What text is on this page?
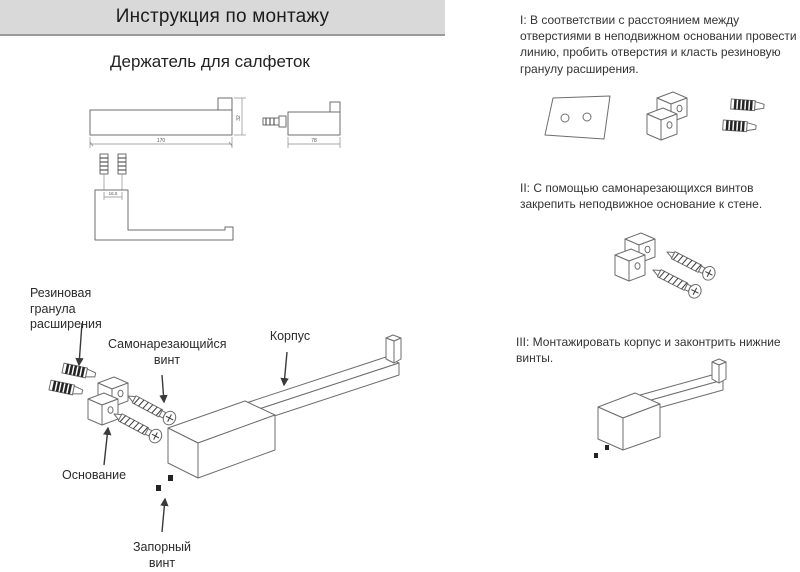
Инструкция по монтажу
Держатель для салфеток
170
32
78
16.5
Резиновая гранула расширения
Самонарезающийся винт
Корпус
Основание
Запорный винт
I: В соответствии с расстоянием между отверстиями в неподвижном основании провести линию, пробить отверстия и класть резиновую гранулу расширения.
II: С помощью самонарезающихся винтов закрепить неподвижное основание к стене.
III: Монтажировать корпус и законтрить нижние винты.
